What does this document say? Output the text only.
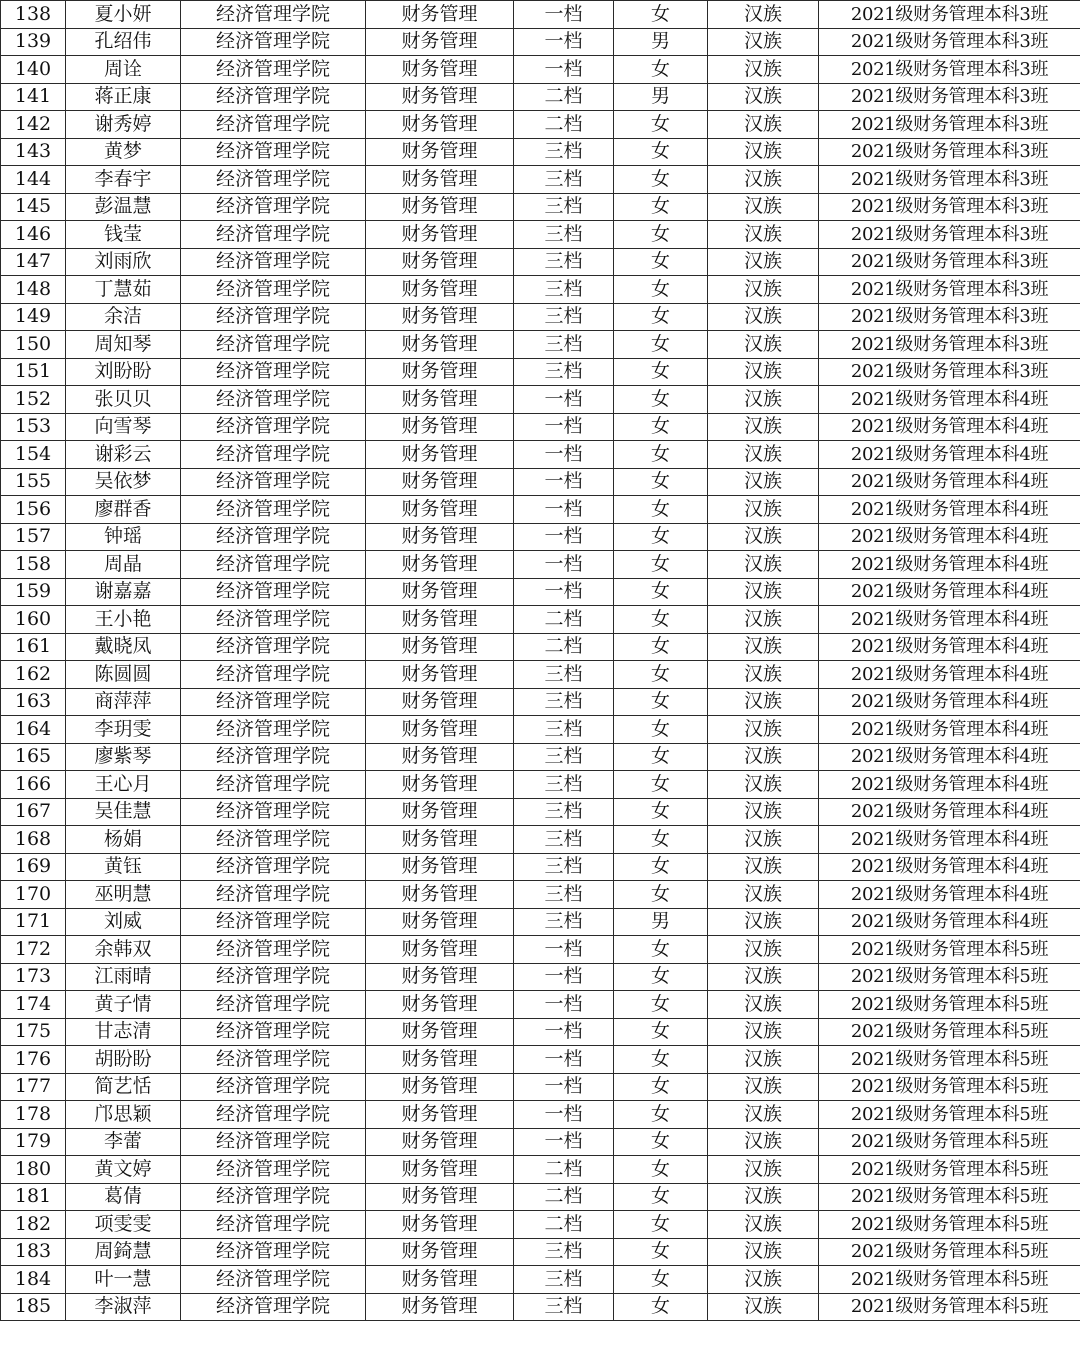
138	夏小妍	经济管理学院	财务管理	一档	女	汉族	2021级财务管理本科3班
139	孔绍伟	经济管理学院	财务管理	一档	男	汉族	2021级财务管理本科3班
140	周诠	经济管理学院	财务管理	一档	女	汉族	2021级财务管理本科3班
141	蒋正康	经济管理学院	财务管理	二档	男	汉族	2021级财务管理本科3班
142	谢秀婷	经济管理学院	财务管理	二档	女	汉族	2021级财务管理本科3班
143	黄梦	经济管理学院	财务管理	三档	女	汉族	2021级财务管理本科3班
144	李春宇	经济管理学院	财务管理	三档	女	汉族	2021级财务管理本科3班
145	彭温慧	经济管理学院	财务管理	三档	女	汉族	2021级财务管理本科3班
146	钱莹	经济管理学院	财务管理	三档	女	汉族	2021级财务管理本科3班
147	刘雨欣	经济管理学院	财务管理	三档	女	汉族	2021级财务管理本科3班
148	丁慧茹	经济管理学院	财务管理	三档	女	汉族	2021级财务管理本科3班
149	余洁	经济管理学院	财务管理	三档	女	汉族	2021级财务管理本科3班
150	周知琴	经济管理学院	财务管理	三档	女	汉族	2021级财务管理本科3班
151	刘盼盼	经济管理学院	财务管理	三档	女	汉族	2021级财务管理本科3班
152	张贝贝	经济管理学院	财务管理	一档	女	汉族	2021级财务管理本科4班
153	向雪琴	经济管理学院	财务管理	一档	女	汉族	2021级财务管理本科4班
154	谢彩云	经济管理学院	财务管理	一档	女	汉族	2021级财务管理本科4班
155	吴依梦	经济管理学院	财务管理	一档	女	汉族	2021级财务管理本科4班
156	廖群香	经济管理学院	财务管理	一档	女	汉族	2021级财务管理本科4班
157	钟瑶	经济管理学院	财务管理	一档	女	汉族	2021级财务管理本科4班
158	周晶	经济管理学院	财务管理	一档	女	汉族	2021级财务管理本科4班
159	谢嘉嘉	经济管理学院	财务管理	一档	女	汉族	2021级财务管理本科4班
160	王小艳	经济管理学院	财务管理	二档	女	汉族	2021级财务管理本科4班
161	戴晓凤	经济管理学院	财务管理	二档	女	汉族	2021级财务管理本科4班
162	陈圆圆	经济管理学院	财务管理	三档	女	汉族	2021级财务管理本科4班
163	商萍萍	经济管理学院	财务管理	三档	女	汉族	2021级财务管理本科4班
164	李玥雯	经济管理学院	财务管理	三档	女	汉族	2021级财务管理本科4班
165	廖紫琴	经济管理学院	财务管理	三档	女	汉族	2021级财务管理本科4班
166	王心月	经济管理学院	财务管理	三档	女	汉族	2021级财务管理本科4班
167	吴佳慧	经济管理学院	财务管理	三档	女	汉族	2021级财务管理本科4班
168	杨娟	经济管理学院	财务管理	三档	女	汉族	2021级财务管理本科4班
169	黄钰	经济管理学院	财务管理	三档	女	汉族	2021级财务管理本科4班
170	巫明慧	经济管理学院	财务管理	三档	女	汉族	2021级财务管理本科4班
171	刘威	经济管理学院	财务管理	三档	男	汉族	2021级财务管理本科4班
172	余韩双	经济管理学院	财务管理	一档	女	汉族	2021级财务管理本科5班
173	江雨晴	经济管理学院	财务管理	一档	女	汉族	2021级财务管理本科5班
174	黄子情	经济管理学院	财务管理	一档	女	汉族	2021级财务管理本科5班
175	甘志清	经济管理学院	财务管理	一档	女	汉族	2021级财务管理本科5班
176	胡盼盼	经济管理学院	财务管理	一档	女	汉族	2021级财务管理本科5班
177	简艺恬	经济管理学院	财务管理	一档	女	汉族	2021级财务管理本科5班
178	邝思颖	经济管理学院	财务管理	一档	女	汉族	2021级财务管理本科5班
179	李蕾	经济管理学院	财务管理	一档	女	汉族	2021级财务管理本科5班
180	黄文婷	经济管理学院	财务管理	二档	女	汉族	2021级财务管理本科5班
181	葛倩	经济管理学院	财务管理	二档	女	汉族	2021级财务管理本科5班
182	项雯雯	经济管理学院	财务管理	二档	女	汉族	2021级财务管理本科5班
183	周錡慧	经济管理学院	财务管理	三档	女	汉族	2021级财务管理本科5班
184	叶一慧	经济管理学院	财务管理	三档	女	汉族	2021级财务管理本科5班
185	李淑萍	经济管理学院	财务管理	三档	女	汉族	2021级财务管理本科5班
